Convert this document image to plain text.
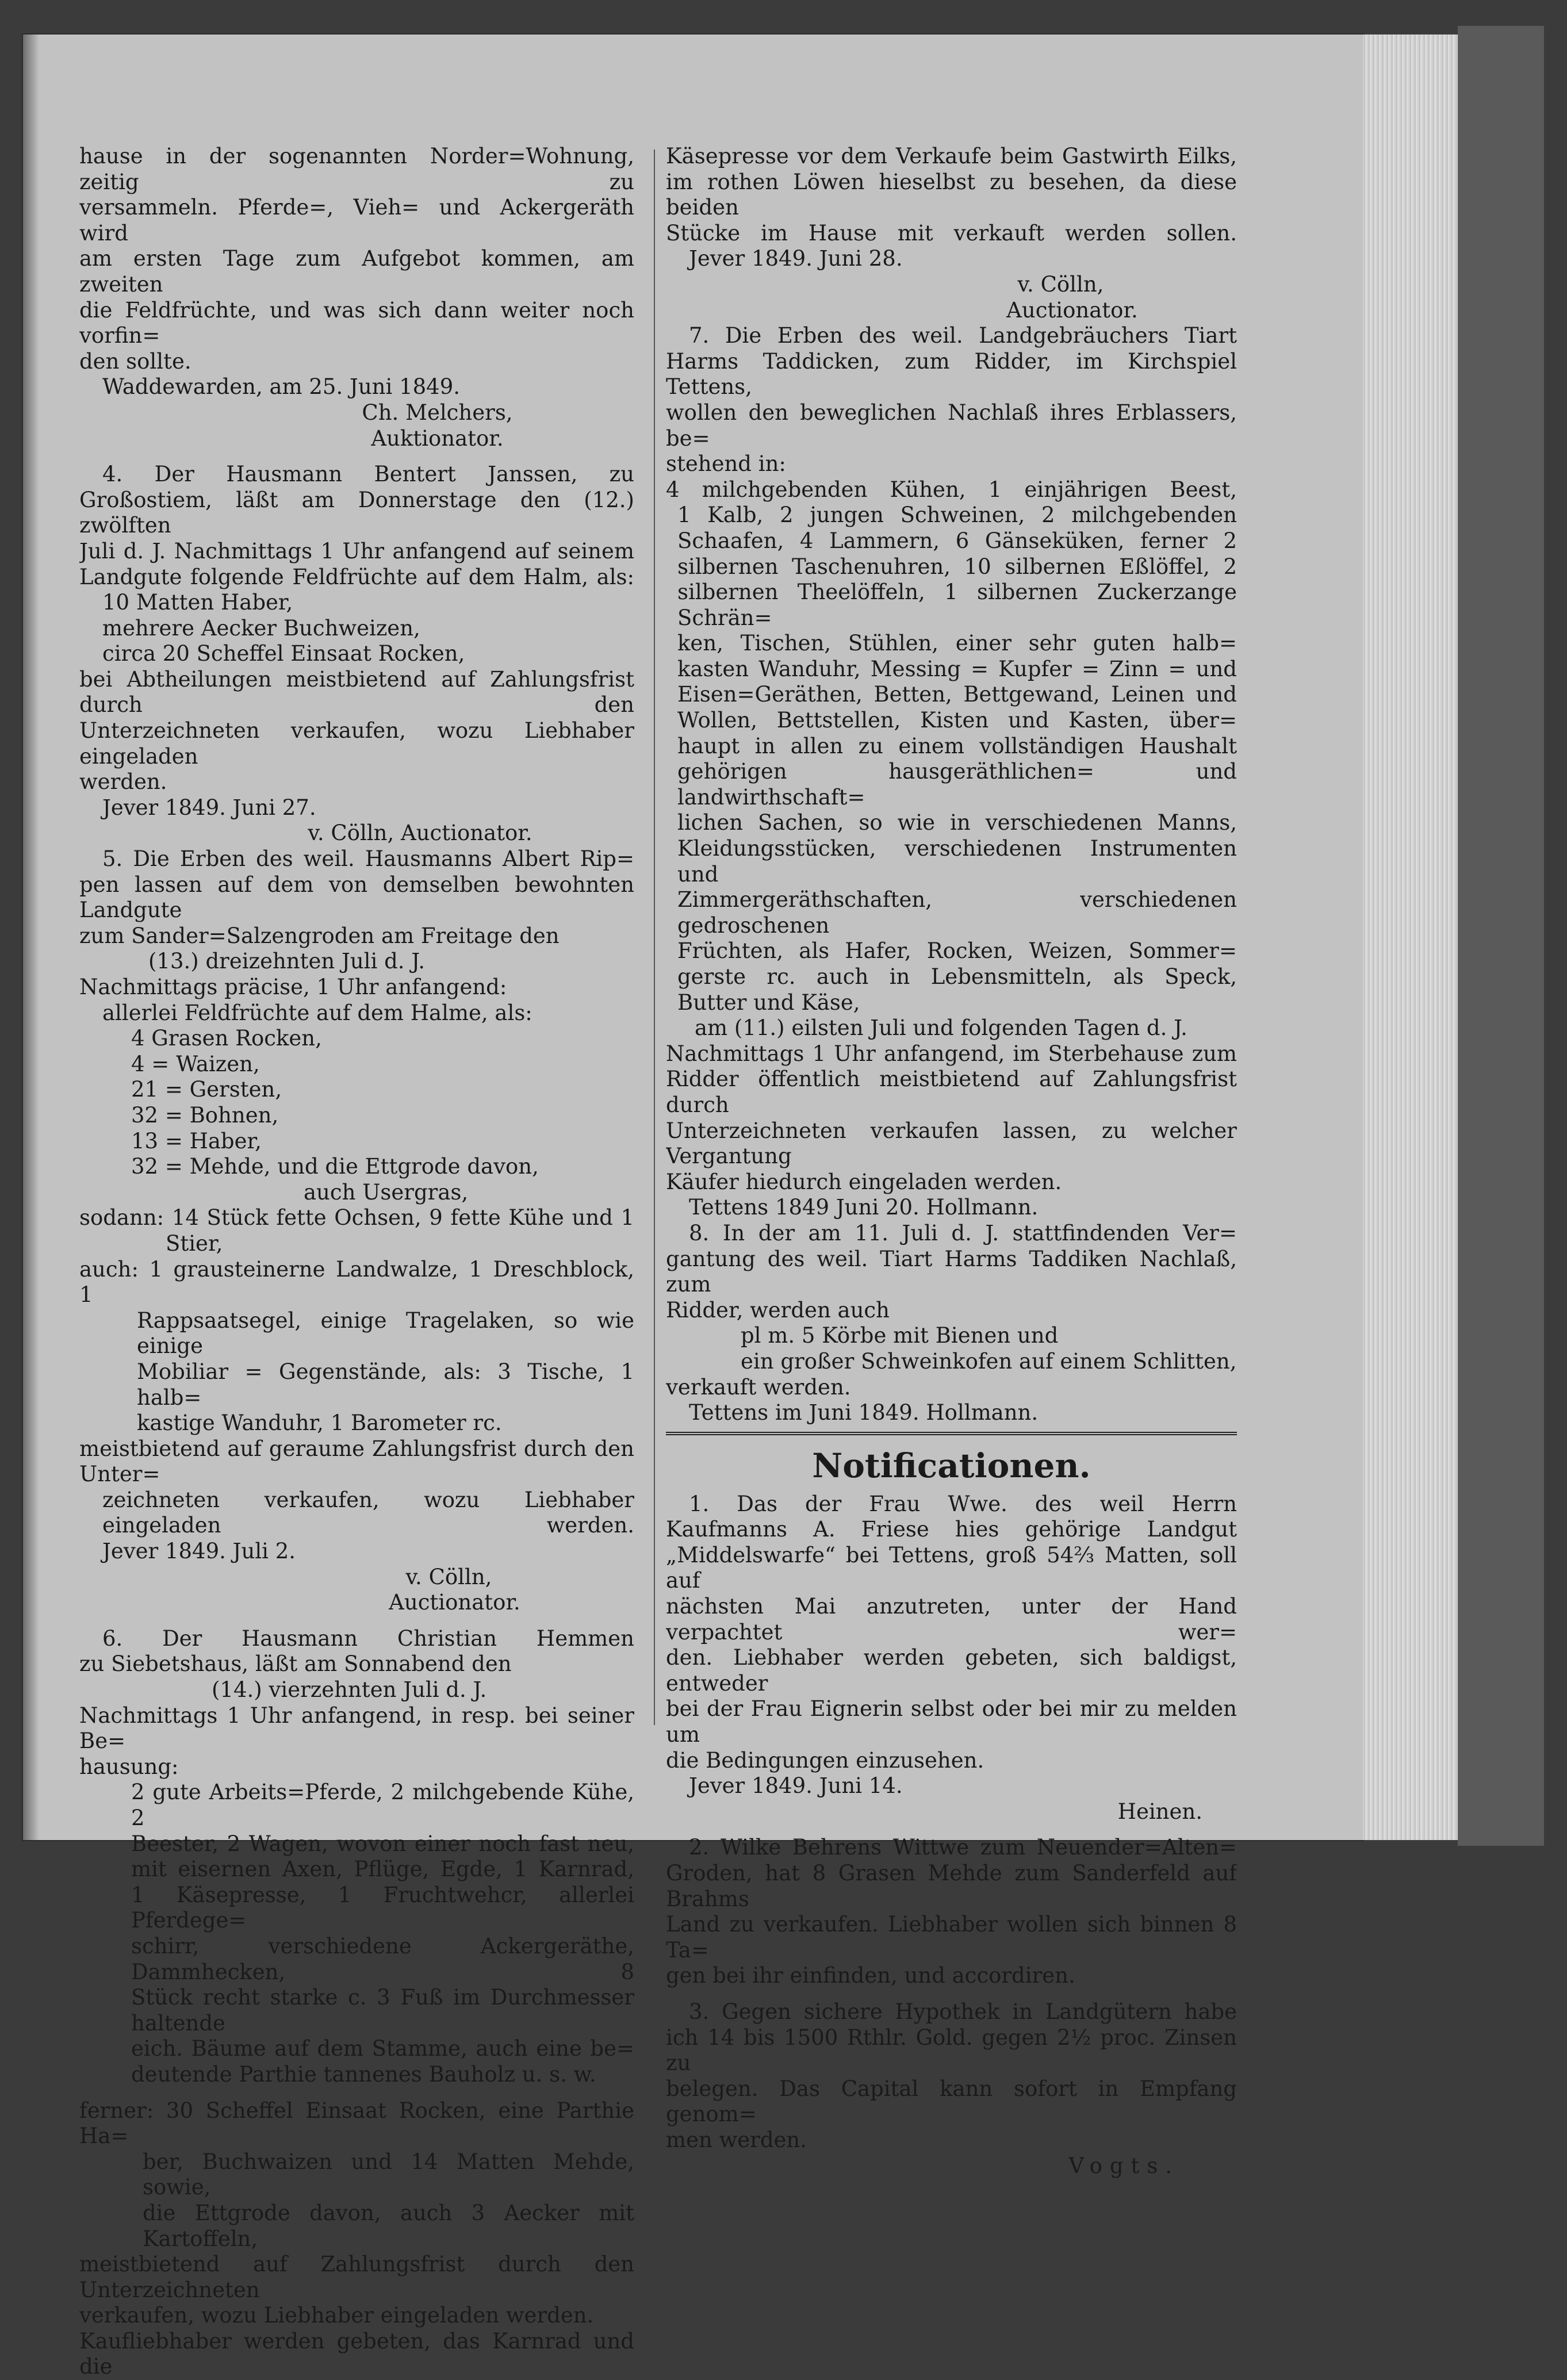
hause in der sogenannten Norder=Wohnung, zeitig zu
versammeln. Pferde=, Vieh= und Ackergeräth wird
am ersten Tage zum Aufgebot kommen, am zweiten
die Feldfrüchte, und was sich dann weiter noch vorfin=
den sollte.
Waddewarden, am 25. Juni 1849.
Ch. Melchers,
Auktionator.
4. Der Hausmann Bentert Janssen, zu
Großostiem, läßt am Donnerstage den (12.) zwölften
Juli d. J. Nachmittags 1 Uhr anfangend auf seinem
Landgute folgende Feldfrüchte auf dem Halm, als:
10 Matten Haber,
mehrere Aecker Buchweizen,
circa 20 Scheffel Einsaat Rocken,
bei Abtheilungen meistbietend auf Zahlungsfrist durch den
Unterzeichneten verkaufen, wozu Liebhaber eingeladen
werden.
Jever 1849. Juni 27.
v. Cölln, Auctionator.
5. Die Erben des weil. Hausmanns Albert Rip=
pen lassen auf dem von demselben bewohnten Landgute
zum Sander=Salzengroden am Freitage den
(13.) dreizehnten Juli d. J.
Nachmittags präcise, 1 Uhr anfangend:
allerlei Feldfrüchte auf dem Halme, als:
4 Grasen Rocken,
4 = Waizen,
21 = Gersten,
32 = Bohnen,
13 = Haber,
32 = Mehde, und die Ettgrode davon,
auch Usergras,
sodann: 14 Stück fette Ochsen, 9 fette Kühe und 1
Stier,
auch: 1 grausteinerne Landwalze, 1 Dreschblock, 1
Rappsaatsegel, einige Tragelaken, so wie einige
Mobiliar = Gegenstände, als: 3 Tische, 1 halb=
kastige Wanduhr, 1 Barometer rc.
meistbietend auf geraume Zahlungsfrist durch den Unter=
zeichneten verkaufen, wozu Liebhaber eingeladen werden.
Jever 1849. Juli 2.
v. Cölln,
Auctionator.
6. Der Hausmann Christian Hemmen
zu Siebetshaus, läßt am Sonnabend den
(14.) vierzehnten Juli d. J.
Nachmittags 1 Uhr anfangend, in resp. bei seiner Be=
hausung:
2 gute Arbeits=Pferde, 2 milchgebende Kühe, 2
Beester, 2 Wagen, wovon einer noch fast neu,
mit eisernen Axen, Pflüge, Egde, 1 Karnrad,
1 Käsepresse, 1 Fruchtwehcr, allerlei Pferdege=
schirr, verschiedene Ackergeräthe, Dammhecken, 8
Stück recht starke c. 3 Fuß im Durchmesser haltende
eich. Bäume auf dem Stamme, auch eine be=
deutende Parthie tannenes Bauholz u. s. w.
ferner: 30 Scheffel Einsaat Rocken, eine Parthie Ha=
ber, Buchwaizen und 14 Matten Mehde, sowie,
die Ettgrode davon, auch 3 Aecker mit Kartoffeln,
meistbietend auf Zahlungsfrist durch den Unterzeichneten
verkaufen, wozu Liebhaber eingeladen werden.
Kaufliebhaber werden gebeten, das Karnrad und die
Käsepresse vor dem Verkaufe beim Gastwirth Eilks,
im rothen Löwen hieselbst zu besehen, da diese beiden
Stücke im Hause mit verkauft werden sollen.
Jever 1849. Juni 28.
v. Cölln,
Auctionator.
7. Die Erben des weil. Landgebräuchers Tiart
Harms Taddicken, zum Ridder, im Kirchspiel Tettens,
wollen den beweglichen Nachlaß ihres Erblassers, be=
stehend in:
4 milchgebenden Kühen, 1 einjährigen Beest,
1 Kalb, 2 jungen Schweinen, 2 milchgebenden
Schaafen, 4 Lammern, 6 Gänseküken, ferner 2
silbernen Taschenuhren, 10 silbernen Eßlöffel, 2
silbernen Theelöffeln, 1 silbernen Zuckerzange Schrän=
ken, Tischen, Stühlen, einer sehr guten halb=
kasten Wanduhr, Messing = Kupfer = Zinn = und
Eisen=Geräthen, Betten, Bettgewand, Leinen und
Wollen, Bettstellen, Kisten und Kasten, über=
haupt in allen zu einem vollständigen Haushalt
gehörigen hausgeräthlichen= und landwirthschaft=
lichen Sachen, so wie in verschiedenen Manns,
Kleidungsstücken, verschiedenen Instrumenten und
Zimmergeräthschaften, verschiedenen gedroschenen
Früchten, als Hafer, Rocken, Weizen, Sommer=
gerste rc. auch in Lebensmitteln, als Speck,
Butter und Käse,
am (11.) eilsten Juli und folgenden Tagen d. J.
Nachmittags 1 Uhr anfangend, im Sterbehause zum
Ridder öffentlich meistbietend auf Zahlungsfrist durch
Unterzeichneten verkaufen lassen, zu welcher Vergantung
Käufer hiedurch eingeladen werden.
Tettens 1849 Juni 20. Hollmann.
8. In der am 11. Juli d. J. stattfindenden Ver=
gantung des weil. Tiart Harms Taddiken Nachlaß, zum
Ridder, werden auch
pl m. 5 Körbe mit Bienen und
ein großer Schweinkofen auf einem Schlitten,
verkauft werden.
Tettens im Juni 1849. Hollmann.
Notificationen.
1. Das der Frau Wwe. des weil Herrn
Kaufmanns A. Friese hies gehörige Landgut
„Middelswarfe“ bei Tettens, groß 54⅔ Matten, soll auf
nächsten Mai anzutreten, unter der Hand verpachtet wer=
den. Liebhaber werden gebeten, sich baldigst, entweder
bei der Frau Eignerin selbst oder bei mir zu melden um
die Bedingungen einzusehen.
Jever 1849. Juni 14.
Heinen.
2. Wilke Behrens Wittwe zum Neuender=Alten=
Groden, hat 8 Grasen Mehde zum Sanderfeld auf Brahms
Land zu verkaufen. Liebhaber wollen sich binnen 8 Ta=
gen bei ihr einfinden, und accordiren.
3. Gegen sichere Hypothek in Landgütern habe
ich 14 bis 1500 Rthlr. Gold. gegen 2½ proc. Zinsen zu
belegen. Das Capital kann sofort in Empfang genom=
men werden.
Vogts.
